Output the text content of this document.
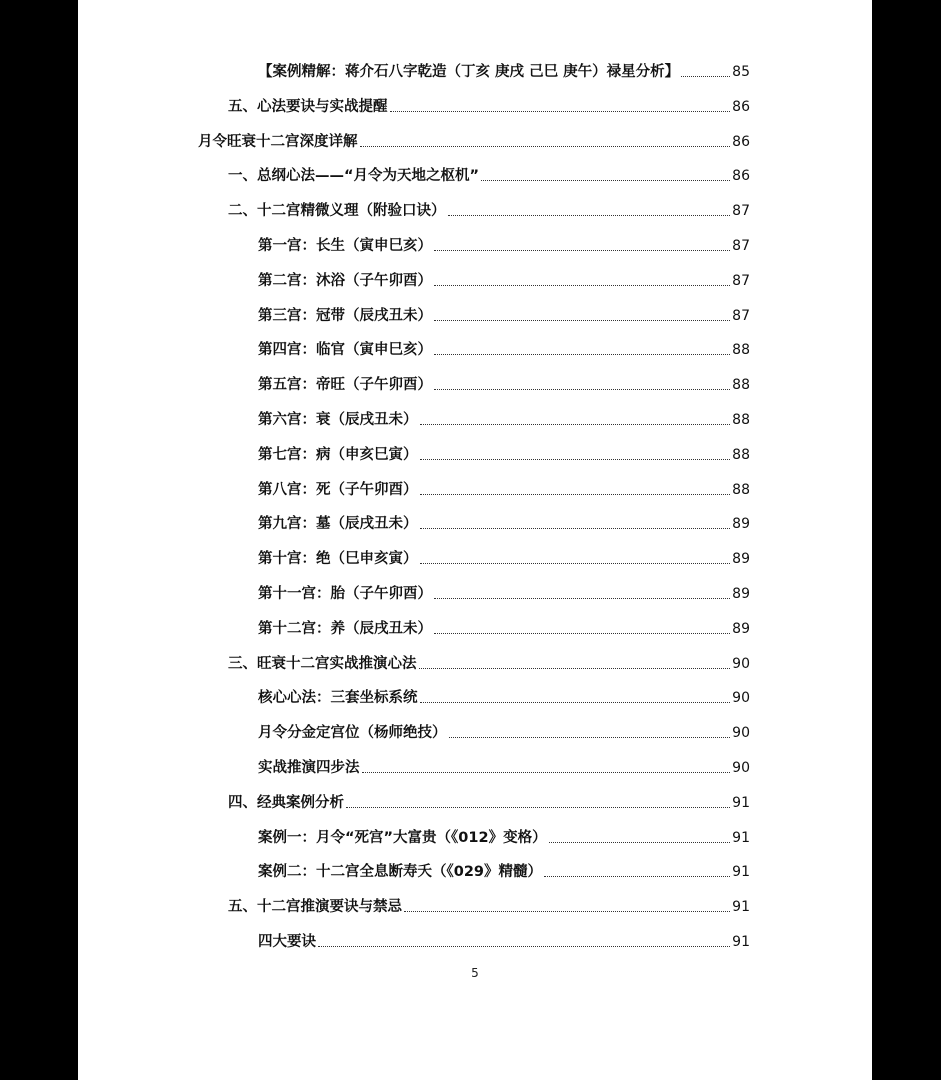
【案例精解：蒋介石八字乾造（丁亥 庚戌 己巳 庚午）禄星分析】	85
五、心法要诀与实战提醒	86
月令旺衰十二宫深度详解	86
一、总纲心法——“月令为天地之枢机”	86
二、十二宫精微义理（附验口诀）	87
第一宫：长生（寅申巳亥）	87
第二宫：沐浴（子午卯酉）	87
第三宫：冠带（辰戌丑未）	87
第四宫：临官（寅申巳亥）	88
第五宫：帝旺（子午卯酉）	88
第六宫：衰（辰戌丑未）	88
第七宫：病（申亥巳寅）	88
第八宫：死（子午卯酉）	88
第九宫：墓（辰戌丑未）	89
第十宫：绝（巳申亥寅）	89
第十一宫：胎（子午卯酉）	89
第十二宫：养（辰戌丑未）	89
三、旺衰十二宫实战推演心法	90
核心心法：三套坐标系统	90
月令分金定宫位（杨师绝技）	90
实战推演四步法	90
四、经典案例分析	91
案例一：月令“死宫”大富贵（《012》变格）	91
案例二：十二宫全息断寿夭（《029》精髓）	91
五、十二宫推演要诀与禁忌	91
四大要诀	91
5
